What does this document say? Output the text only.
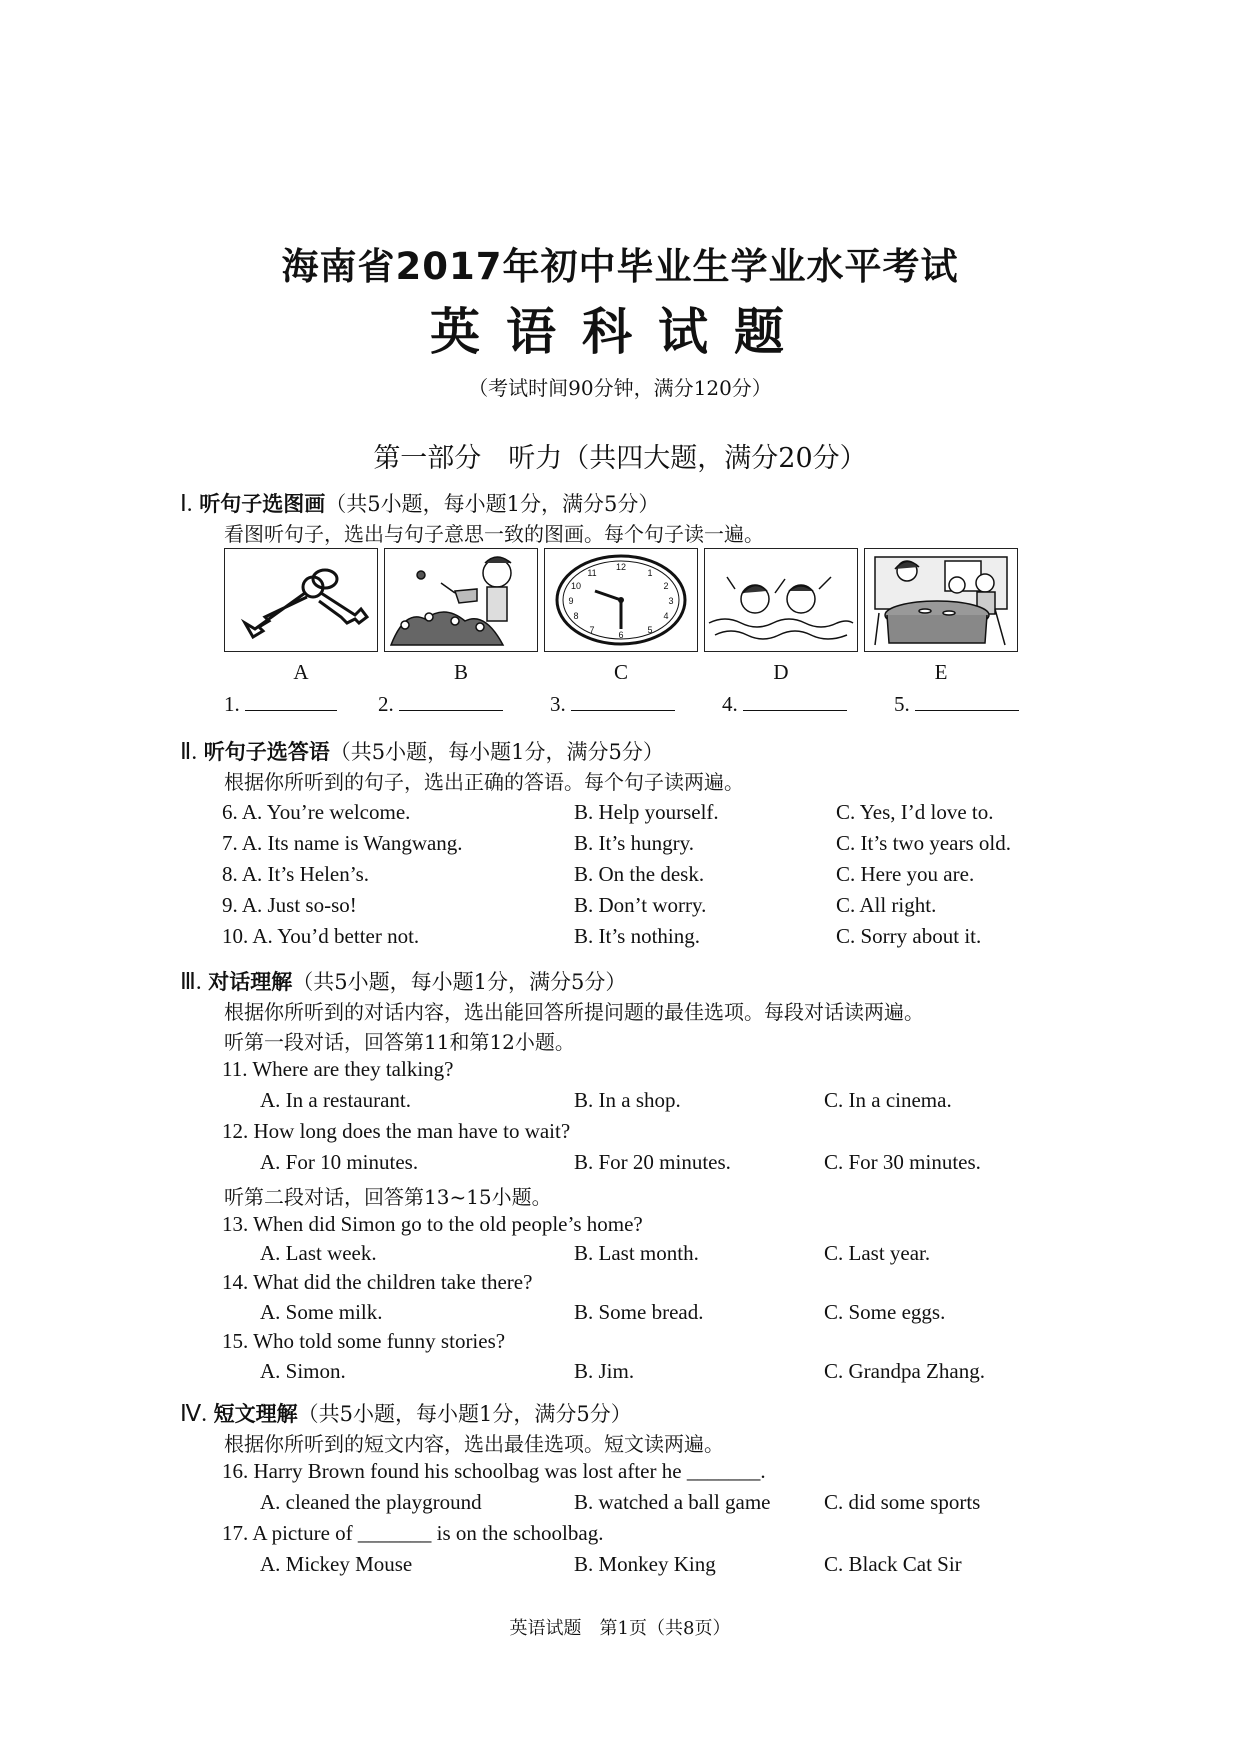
海南省2017年初中毕业生学业水平考试
英语科试题
（考试时间90分钟，满分120分）
第一部分　听力（共四大题，满分20分）
Ⅰ. 听句子选图画（共5小题，每小题1分，满分5分）
看图听句子，选出与句子意思一致的图画。每个句子读一遍。
12
1
2
3
4
5
6
7
8
9
10
11
A	B	C	D	E
1.	2.	3.	4.	5.
Ⅱ. 听句子选答语（共5小题，每小题1分，满分5分）
根据你所听到的句子，选出正确的答语。每个句子读两遍。
6. A. You’re welcome.	B. Help yourself.	C. Yes, I’d love to.
7. A. Its name is Wangwang.	B. It’s hungry.	C. It’s two years old.
8. A. It’s Helen’s.	B. On the desk.	C. Here you are.
9. A. Just so-so!	B. Don’t worry.	C. All right.
10. A. You’d better not.	B. It’s nothing.	C. Sorry about it.
Ⅲ. 对话理解（共5小题，每小题1分，满分5分）
根据你所听到的对话内容，选出能回答所提问题的最佳选项。每段对话读两遍。
听第一段对话，回答第11和第12小题。
11. Where are they talking?
A. In a restaurant.	B. In a shop.	C. In a cinema.
12. How long does the man have to wait?
A. For 10 minutes.	B. For 20 minutes.	C. For 30 minutes.
听第二段对话，回答第13~15小题。
13. When did Simon go to the old people’s home?
A. Last week.	B. Last month.	C. Last year.
14. What did the children take there?
A. Some milk.	B. Some bread.	C. Some eggs.
15. Who told some funny stories?
A. Simon.	B. Jim.	C. Grandpa Zhang.
Ⅳ. 短文理解（共5小题，每小题1分，满分5分）
根据你所听到的短文内容，选出最佳选项。短文读两遍。
16. Harry Brown found his schoolbag was lost after he _______.
A. cleaned the playground	B. watched a ball game	C. did some sports
17. A picture of _______ is on the schoolbag.
A. Mickey Mouse	B. Monkey King	C. Black Cat Sir
英语试题　第1页（共8页）
